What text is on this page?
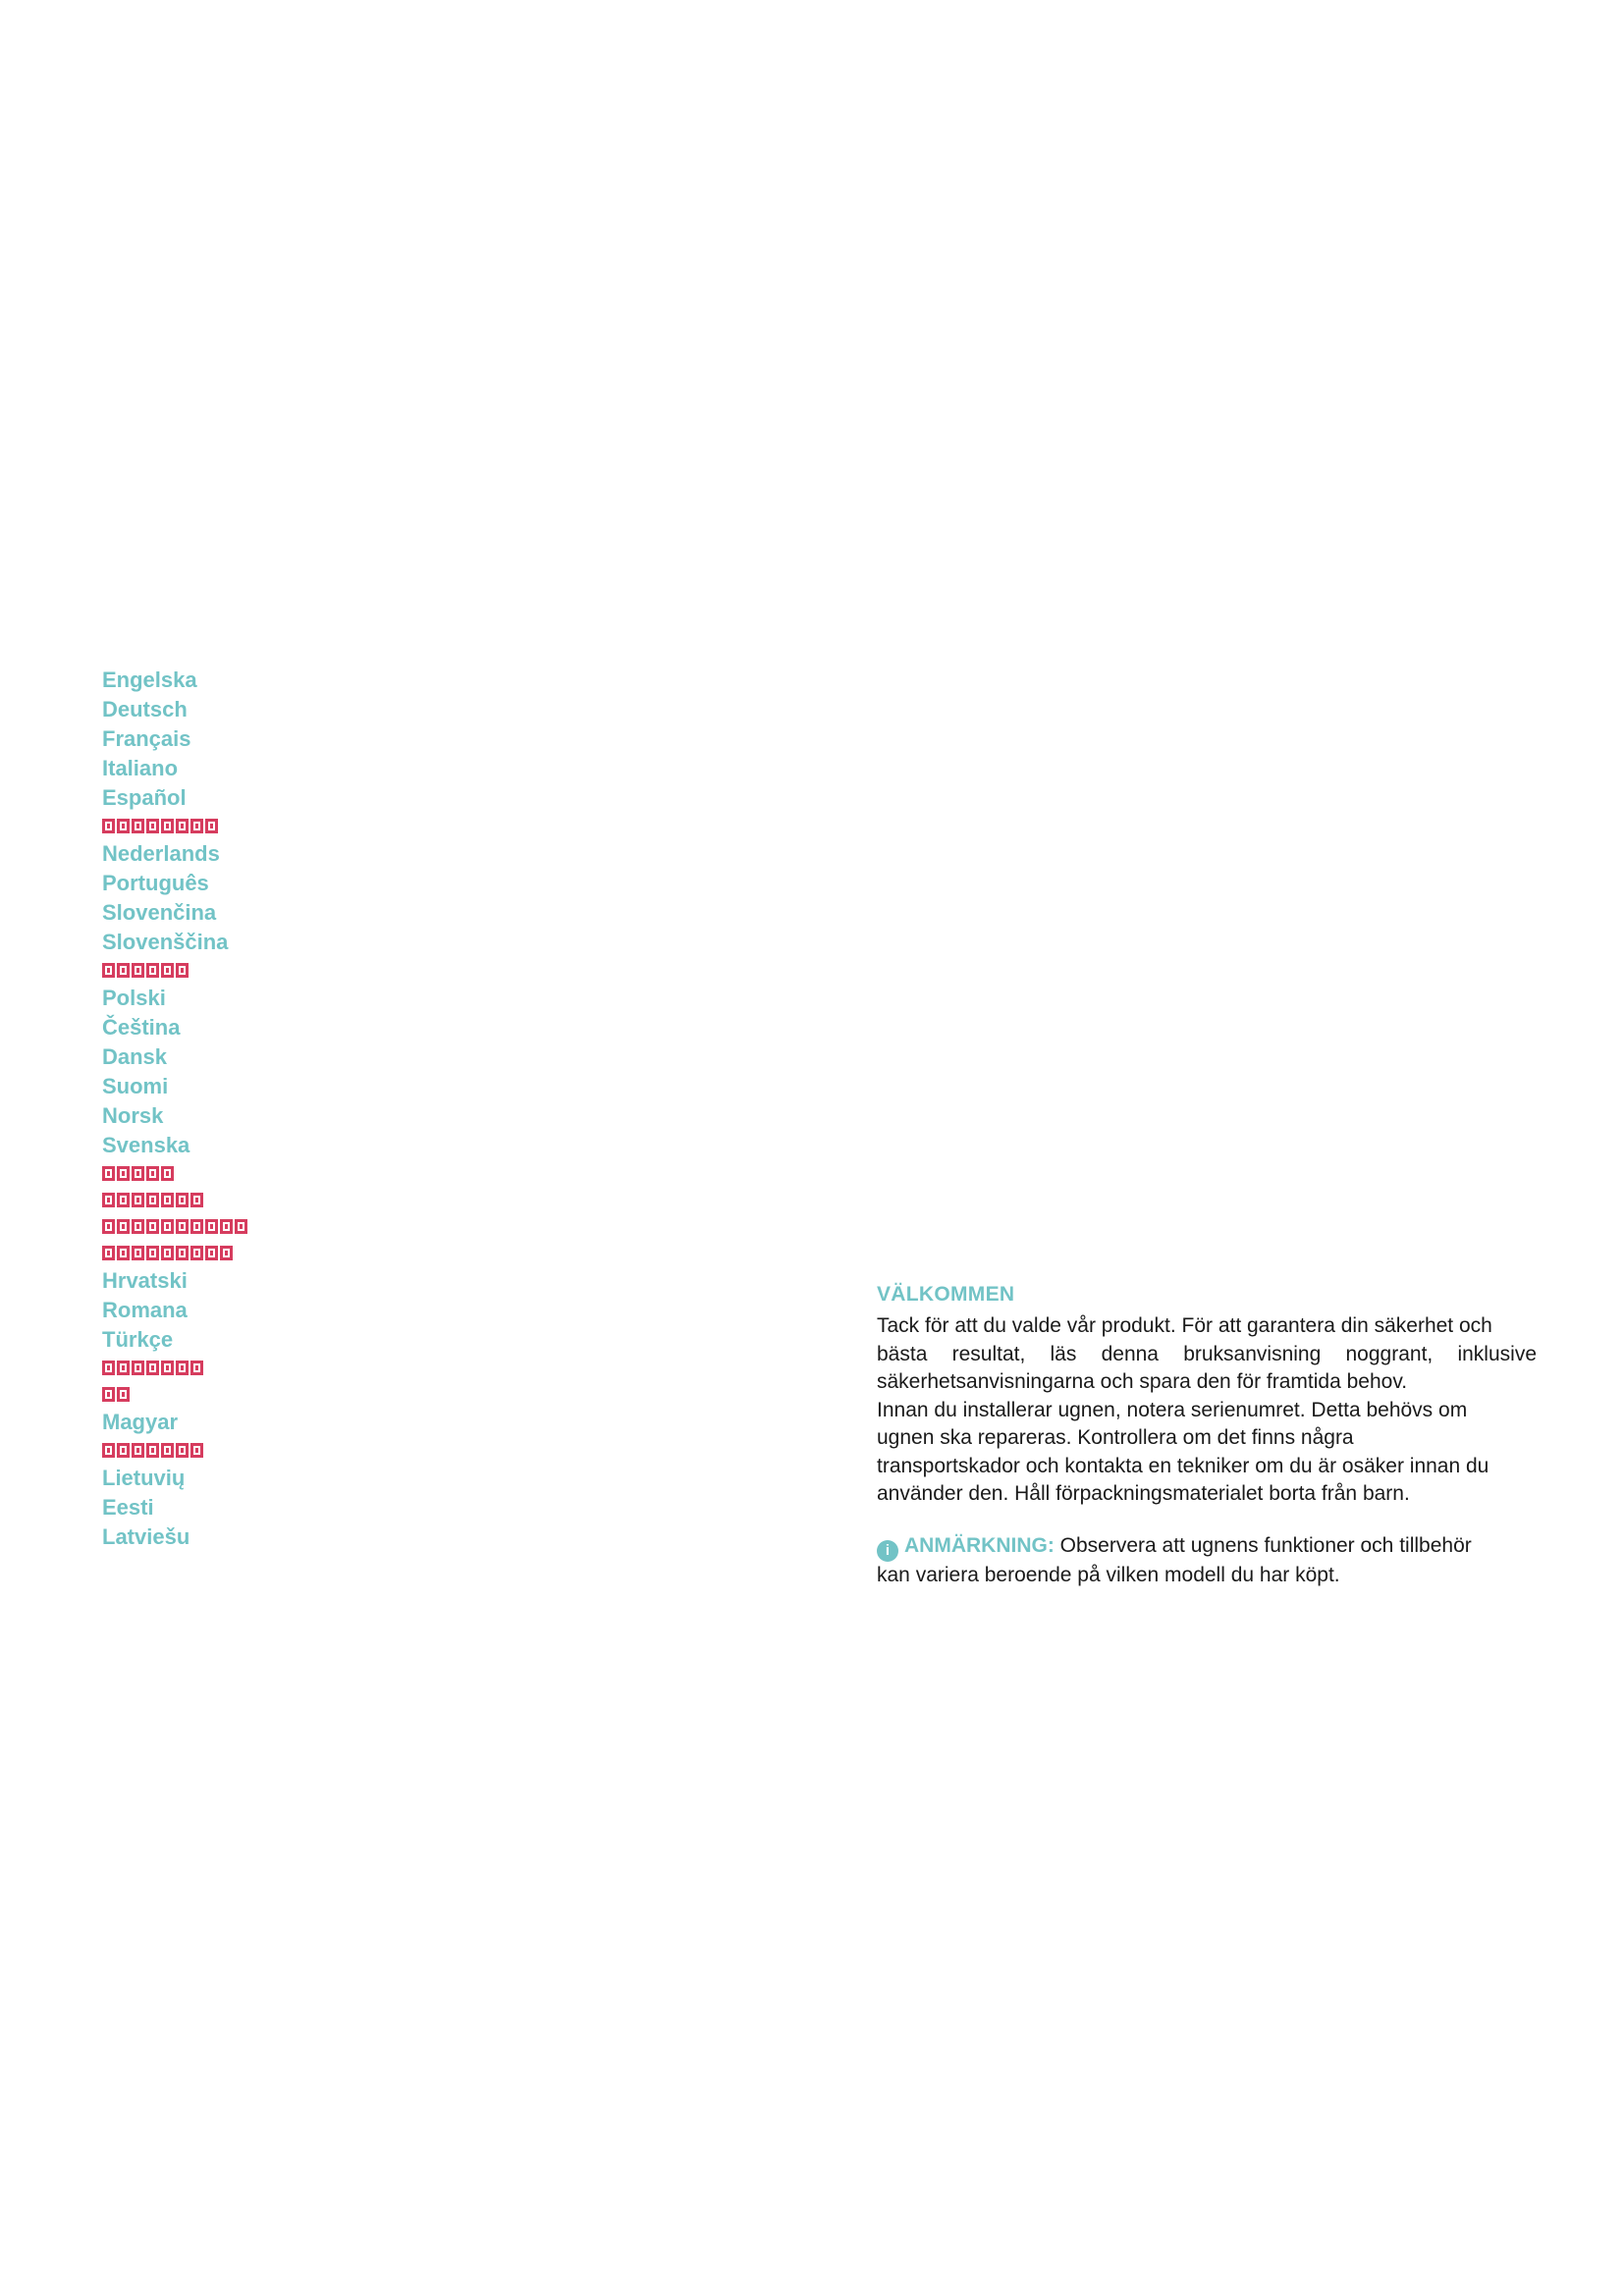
Engelska
Deutsch
Français
Italiano
Español
Nederlands
Português
Slovenčina
Slovenščina
Polski
Čeština
Dansk
Suomi
Norsk
Svenska
Hrvatski
Romana
Türkçe
Magyar
Lietuvių
Eesti
Latviešu
VÄLKOMMEN

Tack för att du valde vår produkt. För att garantera din säkerhet och
bästa resultat, läs denna bruksanvisning noggrant, inklusive
säkerhetsanvisningarna och spara den för framtida behov.
Innan du installerar ugnen, notera serienumret. Detta behövs om
ugnen ska repareras. Kontrollera om det finns några
transportskador och kontakta en tekniker om du är osäker innan du
använder den. Håll förpackningsmaterialet borta från barn.

i ANMÄRKNING: Observera att ugnens funktioner och tillbehör
kan variera beroende på vilken modell du har köpt.
